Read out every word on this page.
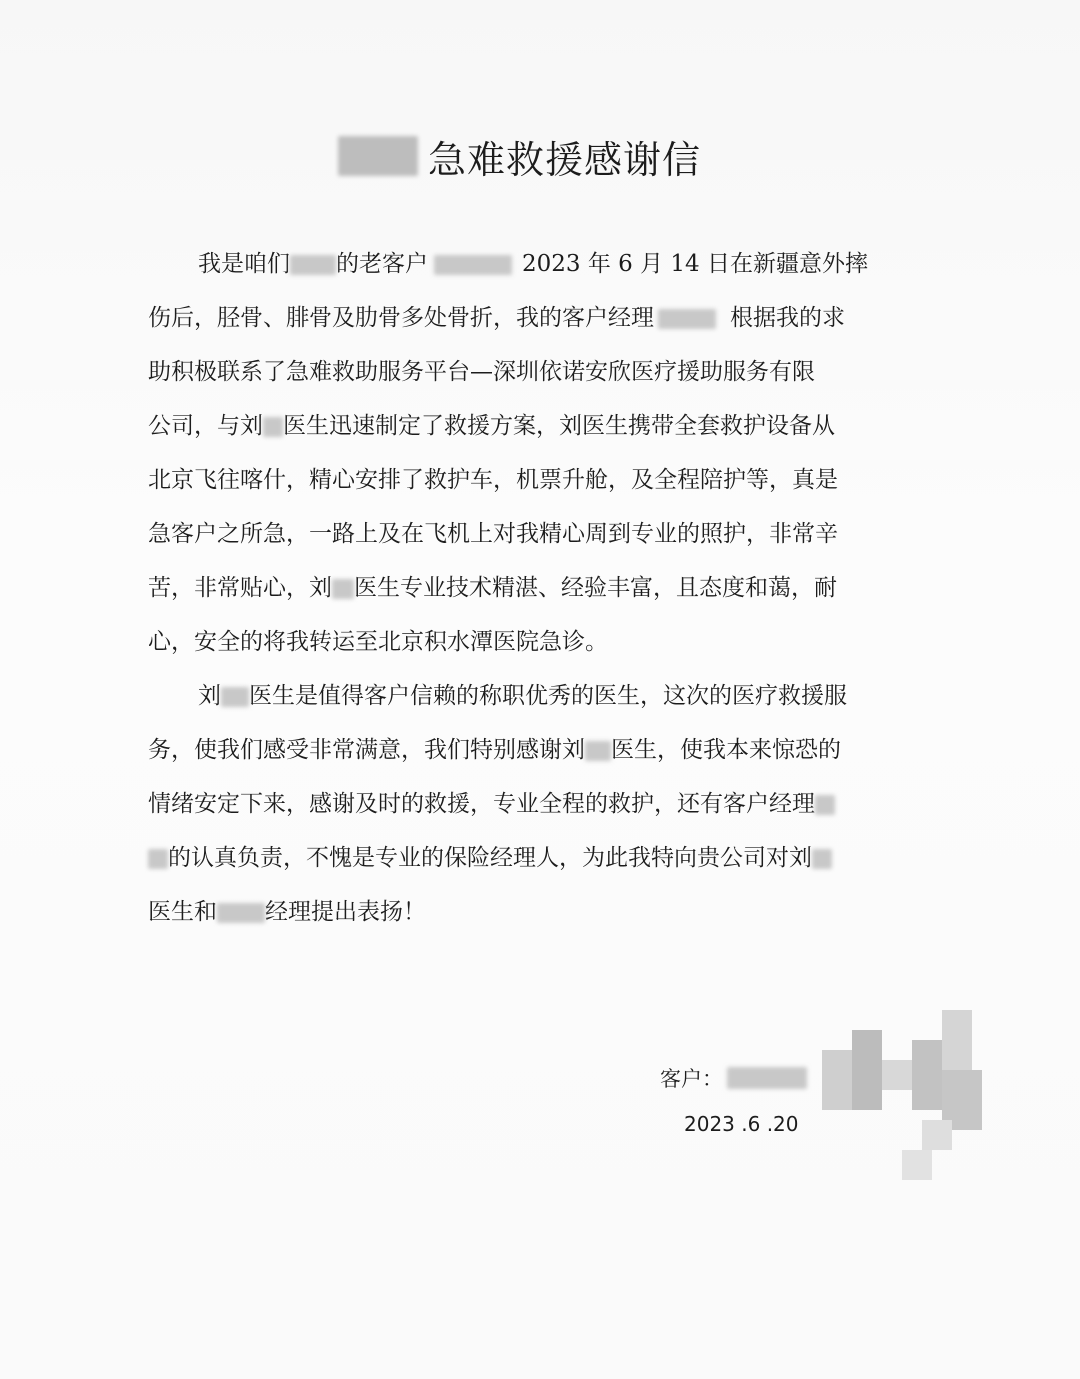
急难救援感谢信
我是咱们 的老客户	2023 年 6 月 14 日在新疆意外摔
伤后，胫骨、腓骨及肋骨多处骨折，我的客户经理	根据我的求
助积极联系了急难救助服务平台—深圳依诺安欣医疗援助服务有限
公司，与刘 医生迅速制定了救援方案，刘医生携带全套救护设备从
北京飞往喀什，精心安排了救护车，机票升舱，及全程陪护等，真是
急客户之所急，一路上及在飞机上对我精心周到专业的照护，非常辛
苦，非常贴心，刘 医生专业技术精湛、经验丰富，且态度和蔼，耐
心，安全的将我转运至北京积水潭医院急诊。
刘 医生是值得客户信赖的称职优秀的医生，这次的医疗救援服
务，使我们感受非常满意，我们特别感谢刘 医生，使我本来惊恐的
情绪安定下来，感谢及时的救援，专业全程的救护，还有客户经理
的认真负责，不愧是专业的保险经理人，为此我特向贵公司对刘
医生和 经理提出表扬！
客户：
2023 .6 .20
